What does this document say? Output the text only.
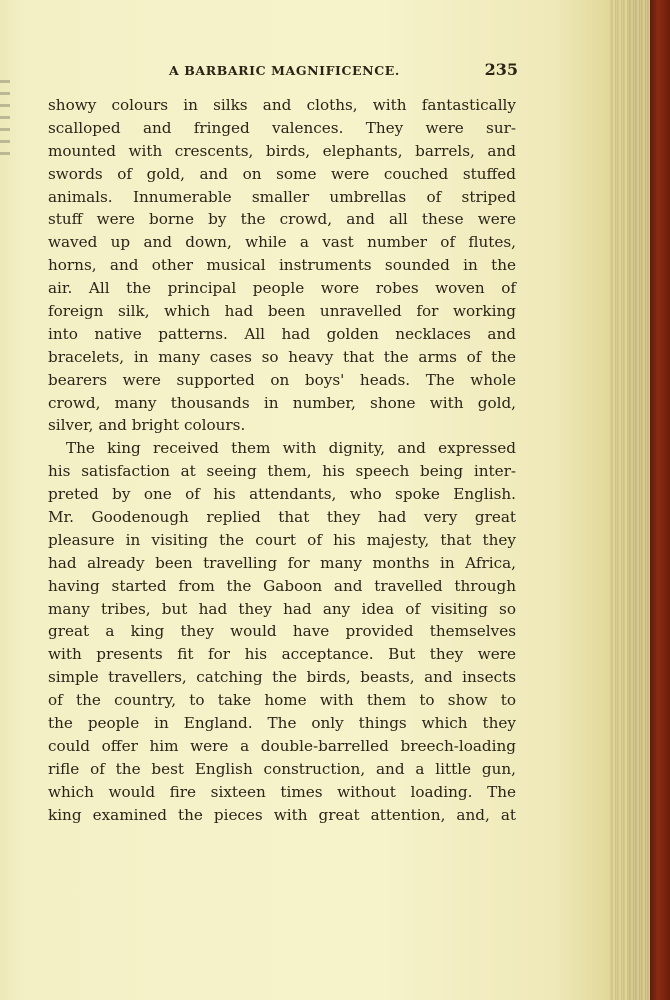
A BARBARIC MAGNIFICENCE.	235
showy colours in silks and cloths, with fantastically
scalloped and fringed valences. They were sur-
mounted with crescents, birds, elephants, barrels, and
swords of gold, and on some were couched stuffed
animals. Innumerable smaller umbrellas of striped
stuff were borne by the crowd, and all these were
waved up and down, while a vast number of flutes,
horns, and other musical instruments sounded in the
air. All the principal people wore robes woven of
foreign silk, which had been unravelled for working
into native patterns. All had golden necklaces and
bracelets, in many cases so heavy that the arms of the
bearers were supported on boys' heads. The whole
crowd, many thousands in number, shone with gold,
silver, and bright colours.
The king received them with dignity, and expressed
his satisfaction at seeing them, his speech being inter-
preted by one of his attendants, who spoke English.
Mr. Goodenough replied that they had very great
pleasure in visiting the court of his majesty, that they
had already been travelling for many months in Africa,
having started from the Gaboon and travelled through
many tribes, but had they had any idea of visiting so
great a king they would have provided themselves
with presents fit for his acceptance. But they were
simple travellers, catching the birds, beasts, and insects
of the country, to take home with them to show to
the people in England. The only things which they
could offer him were a double-barrelled breech-loading
rifle of the best English construction, and a little gun,
which would fire sixteen times without loading. The
king examined the pieces with great attention, and, at
